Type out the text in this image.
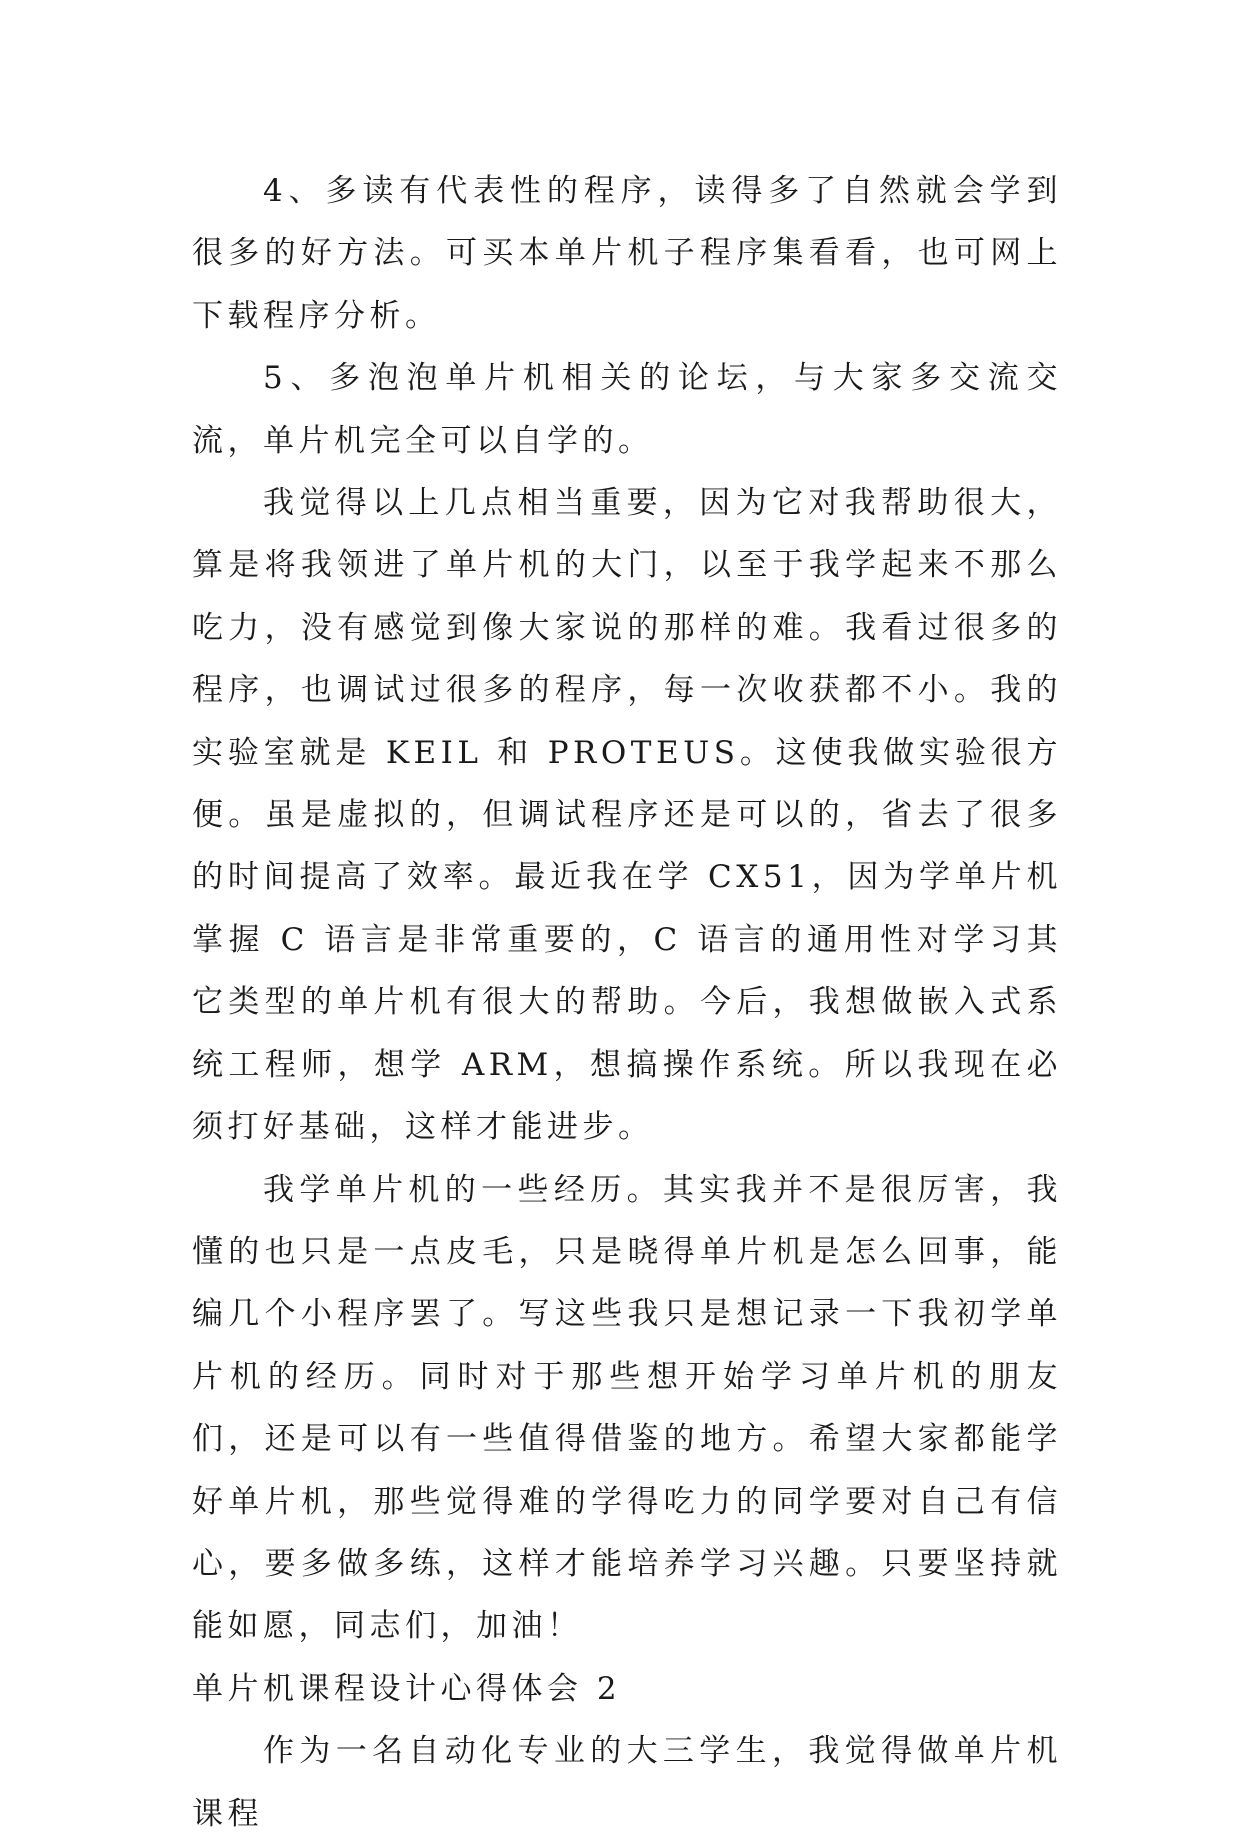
4、多读有代表性的程序，读得多了自然就会学到很多的好方法。可买本单片机子程序集看看，也可网上下载程序分析。

5、多泡泡单片机相关的论坛，与大家多交流交流，单片机完全可以自学的。

我觉得以上几点相当重要，因为它对我帮助很大，算是将我领进了单片机的大门，以至于我学起来不那么吃力，没有感觉到像大家说的那样的难。我看过很多的程序，也调试过很多的程序，每一次收获都不小。我的实验室就是 KEIL 和 PROTEUS。这使我做实验很方便。虽是虚拟的，但调试程序还是可以的，省去了很多的时间提高了效率。最近我在学 CX51，因为学单片机掌握 C 语言是非常重要的，C 语言的通用性对学习其它类型的单片机有很大的帮助。今后，我想做嵌入式系统工程师，想学 ARM，想搞操作系统。所以我现在必须打好基础，这样才能进步。

我学单片机的一些经历。其实我并不是很厉害，我懂的也只是一点皮毛，只是晓得单片机是怎么回事，能编几个小程序罢了。写这些我只是想记录一下我初学单片机的经历。同时对于那些想开始学习单片机的朋友们，还是可以有一些值得借鉴的地方。希望大家都能学好单片机，那些觉得难的学得吃力的同学要对自己有信心，要多做多练，这样才能培养学习兴趣。只要坚持就能如愿，同志们，加油！

单片机课程设计心得体会 2

作为一名自动化专业的大三学生，我觉得做单片机课程
